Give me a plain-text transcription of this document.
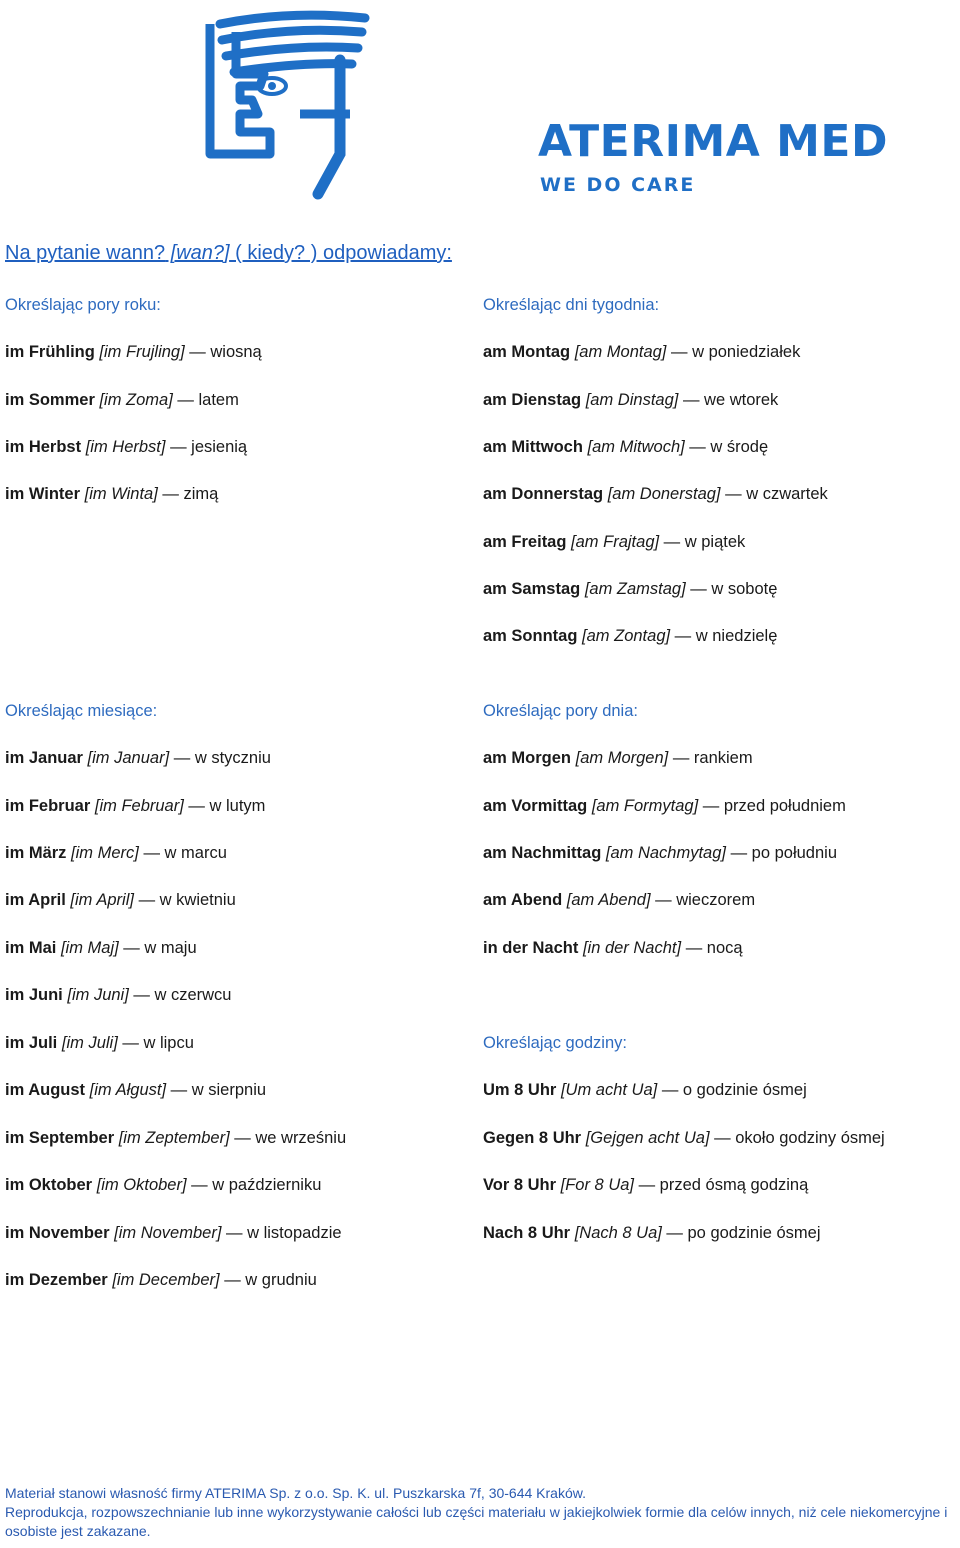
ATERIMA MED
WE DO CARE
Na pytanie wann? [wan?] ( kiedy? ) odpowiadamy:
Określając pory roku:
im Frühling [im Frujling] — wiosną
im Sommer [im Zoma] — latem
im Herbst [im Herbst] — jesienią
im Winter [im Winta] — zimą
Określając dni tygodnia:
am Montag [am Montag] — w poniedziałek
am Dienstag [am Dinstag] — we wtorek
am Mittwoch [am Mitwoch] — w środę
am Donnerstag [am Donerstag] — w czwartek
am Freitag [am Frajtag] — w piątek
am Samstag [am Zamstag] — w sobotę
am Sonntag [am Zontag] — w niedzielę
Określając miesiące:
im Januar [im Januar] — w styczniu
im Februar [im Februar] — w lutym
im März [im Merc] — w marcu
im April [im April] — w kwietniu
im Mai [im Maj] — w maju
im Juni [im Juni] — w czerwcu
im Juli [im Juli] — w lipcu
im August [im Ałgust] — w sierpniu
im September [im Zeptember] — we wrześniu
im Oktober [im Oktober] — w październiku
im November [im November] — w listopadzie
im Dezember [im December] — w grudniu
Określając pory dnia:
am Morgen [am Morgen] — rankiem
am Vormittag [am Formytag] — przed południem
am Nachmittag [am Nachmytag] — po południu
am Abend [am Abend] — wieczorem
in der Nacht [in der Nacht] — nocą
Określając godziny:
Um 8 Uhr [Um acht Ua] — o godzinie ósmej
Gegen 8 Uhr [Gejgen acht Ua] — około godziny ósmej
Vor 8 Uhr [For 8 Ua] — przed ósmą godziną
Nach 8 Uhr [Nach 8 Ua] — po godzinie ósmej

Materiał stanowi własność firmy ATERIMA Sp. z o.o. Sp. K. ul. Puszkarska 7f, 30-644 Kraków.

Reprodukcja, rozpowszechnianie lub inne wykorzystywanie całości lub części materiału w jakiejkolwiek formie dla celów innych, niż cele niekomercyjne i osobiste jest zakazane.
